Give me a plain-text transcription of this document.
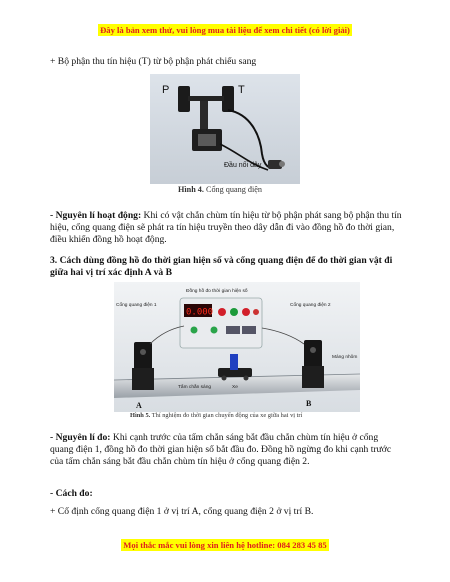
Đây là bản xem thử, vui lòng mua tài liệu để xem chi tiết (có lời giải)

+ Bộ phận thu tín hiệu (T) từ bộ phận phát chiếu sang

P	T
Đầu nối dây
Hình 4. Cổng quang điện

- Nguyên lí hoạt động: Khi có vật chắn chùm tín hiệu từ bộ phận phát sang bộ phận thu tín hiệu, cổng quang điện sẽ phát ra tín hiệu truyền theo dây dẫn đi vào đồng hồ đo thời gian, điều khiển đồng hồ hoạt động.

3. Cách dùng đồng hồ đo thời gian hiện số và cổng quang điện để đo thời gian vật đi giữa hai vị trí xác định A và B

0.000
Đồng hồ đo thời gian hiện số
Cổng quang điện 1	Cổng quang điện 2
Máng nhôm
Tấm chắn sáng	Xe
A	B
Hình 5. Thí nghiệm đo thời gian chuyển động của xe giữa hai vị trí

- Nguyên lí đo: Khi cạnh trước của tấm chắn sáng bắt đầu chắn chùm tín hiệu ở cổng quang điện 1, đồng hồ đo thời gian hiện số bắt đầu đo. Đồng hồ ngừng đo khi cạnh trước của tấm chắn sáng bắt đầu chắn chùm tín hiệu ở cổng quang điện 2.

- Cách đo:

+ Cố định cổng quang điện 1 ở vị trí A, cổng quang điện 2 ở vị trí B.

Mọi thắc mắc vui lòng xin liên hệ hotline: 084 283 45 85
